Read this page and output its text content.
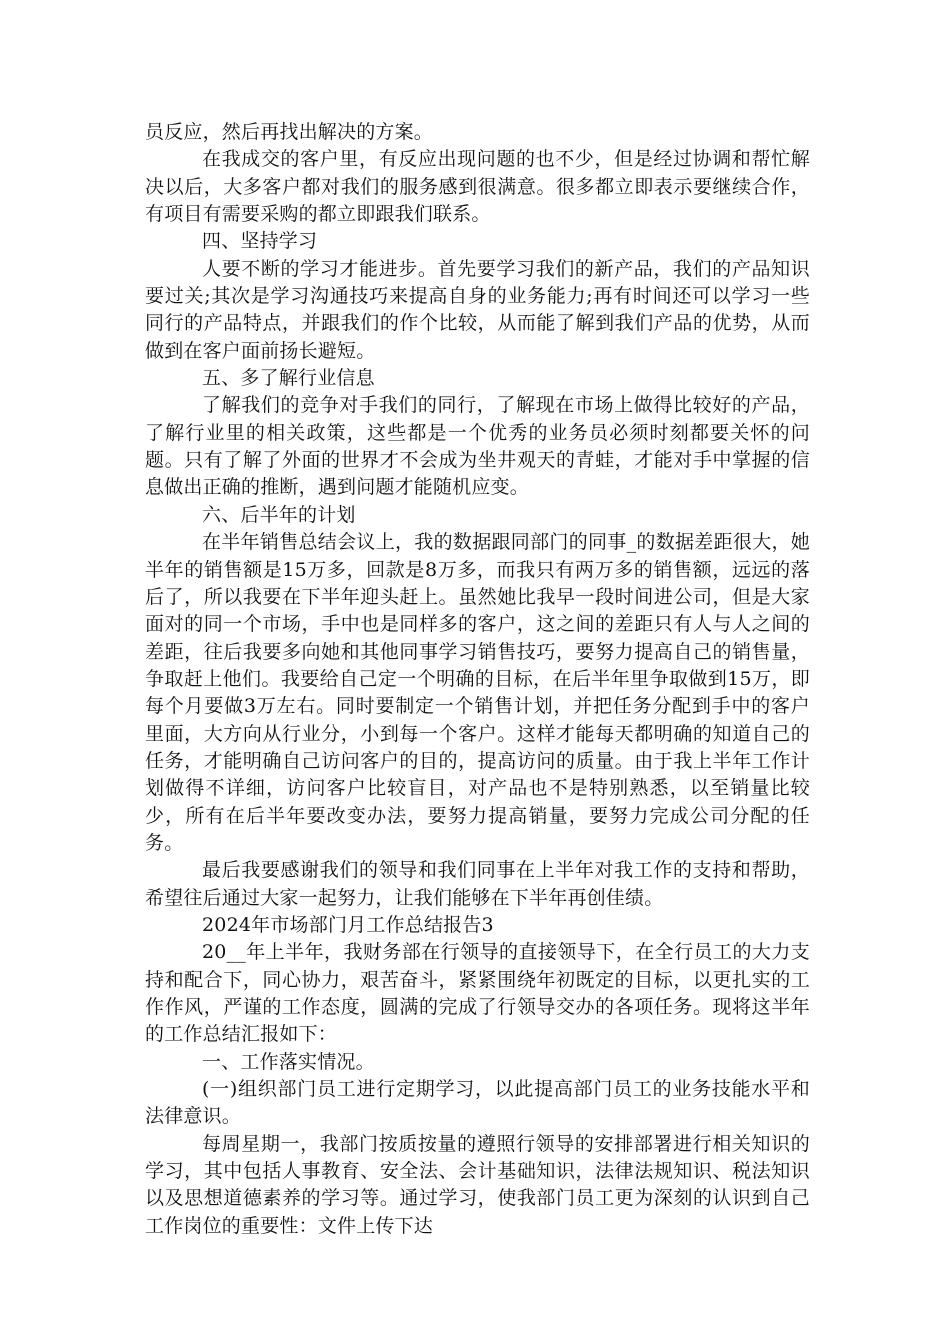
员反应，然后再找出解决的方案。

在我成交的客户里，有反应出现问题的也不少，但是经过协调和帮忙解决以后，大多客户都对我们的服务感到很满意。很多都立即表示要继续合作，有项目有需要采购的都立即跟我们联系。

四、坚持学习

人要不断的学习才能进步。首先要学习我们的新产品，我们的产品知识要过关;其次是学习沟通技巧来提高自身的业务能力;再有时间还可以学习一些同行的产品特点，并跟我们的作个比较，从而能了解到我们产品的优势，从而做到在客户面前扬长避短。

五、多了解行业信息

了解我们的竞争对手我们的同行，了解现在市场上做得比较好的产品，了解行业里的相关政策，这些都是一个优秀的业务员必须时刻都要关怀的问题。只有了解了外面的世界才不会成为坐井观天的青蛙，才能对手中掌握的信息做出正确的推断，遇到问题才能随机应变。

六、后半年的计划

在半年销售总结会议上，我的数据跟同部门的同事_的数据差距很大，她半年的销售额是15万多，回款是8万多，而我只有两万多的销售额，远远的落后了，所以我要在下半年迎头赶上。虽然她比我早一段时间进公司，但是大家面对的同一个市场，手中也是同样多的客户，这之间的差距只有人与人之间的差距，往后我要多向她和其他同事学习销售技巧，要努力提高自己的销售量，争取赶上他们。我要给自己定一个明确的目标，在后半年里争取做到15万，即每个月要做3万左右。同时要制定一个销售计划，并把任务分配到手中的客户里面，大方向从行业分，小到每一个客户。这样才能每天都明确的知道自己的任务，才能明确自己访问客户的目的，提高访问的质量。由于我上半年工作计划做得不详细，访问客户比较盲目，对产品也不是特别熟悉，以至销量比较少，所有在后半年要改变办法，要努力提高销量，要努力完成公司分配的任务。

最后我要感谢我们的领导和我们同事在上半年对我工作的支持和帮助，希望往后通过大家一起努力，让我们能够在下半年再创佳绩。

2024年市场部门月工作总结报告3

20__年上半年，我财务部在行领导的直接领导下，在全行员工的大力支持和配合下，同心协力，艰苦奋斗，紧紧围绕年初既定的目标，以更扎实的工作作风，严谨的工作态度，圆满的完成了行领导交办的各项任务。现将这半年的工作总结汇报如下：

一、工作落实情况。

(一)组织部门员工进行定期学习，以此提高部门员工的业务技能水平和法律意识。

每周星期一，我部门按质按量的遵照行领导的安排部署进行相关知识的学习，其中包括人事教育、安全法、会计基础知识，法律法规知识、税法知识以及思想道德素养的学习等。通过学习，使我部门员工更为深刻的认识到自己工作岗位的重要性：文件上传下达
